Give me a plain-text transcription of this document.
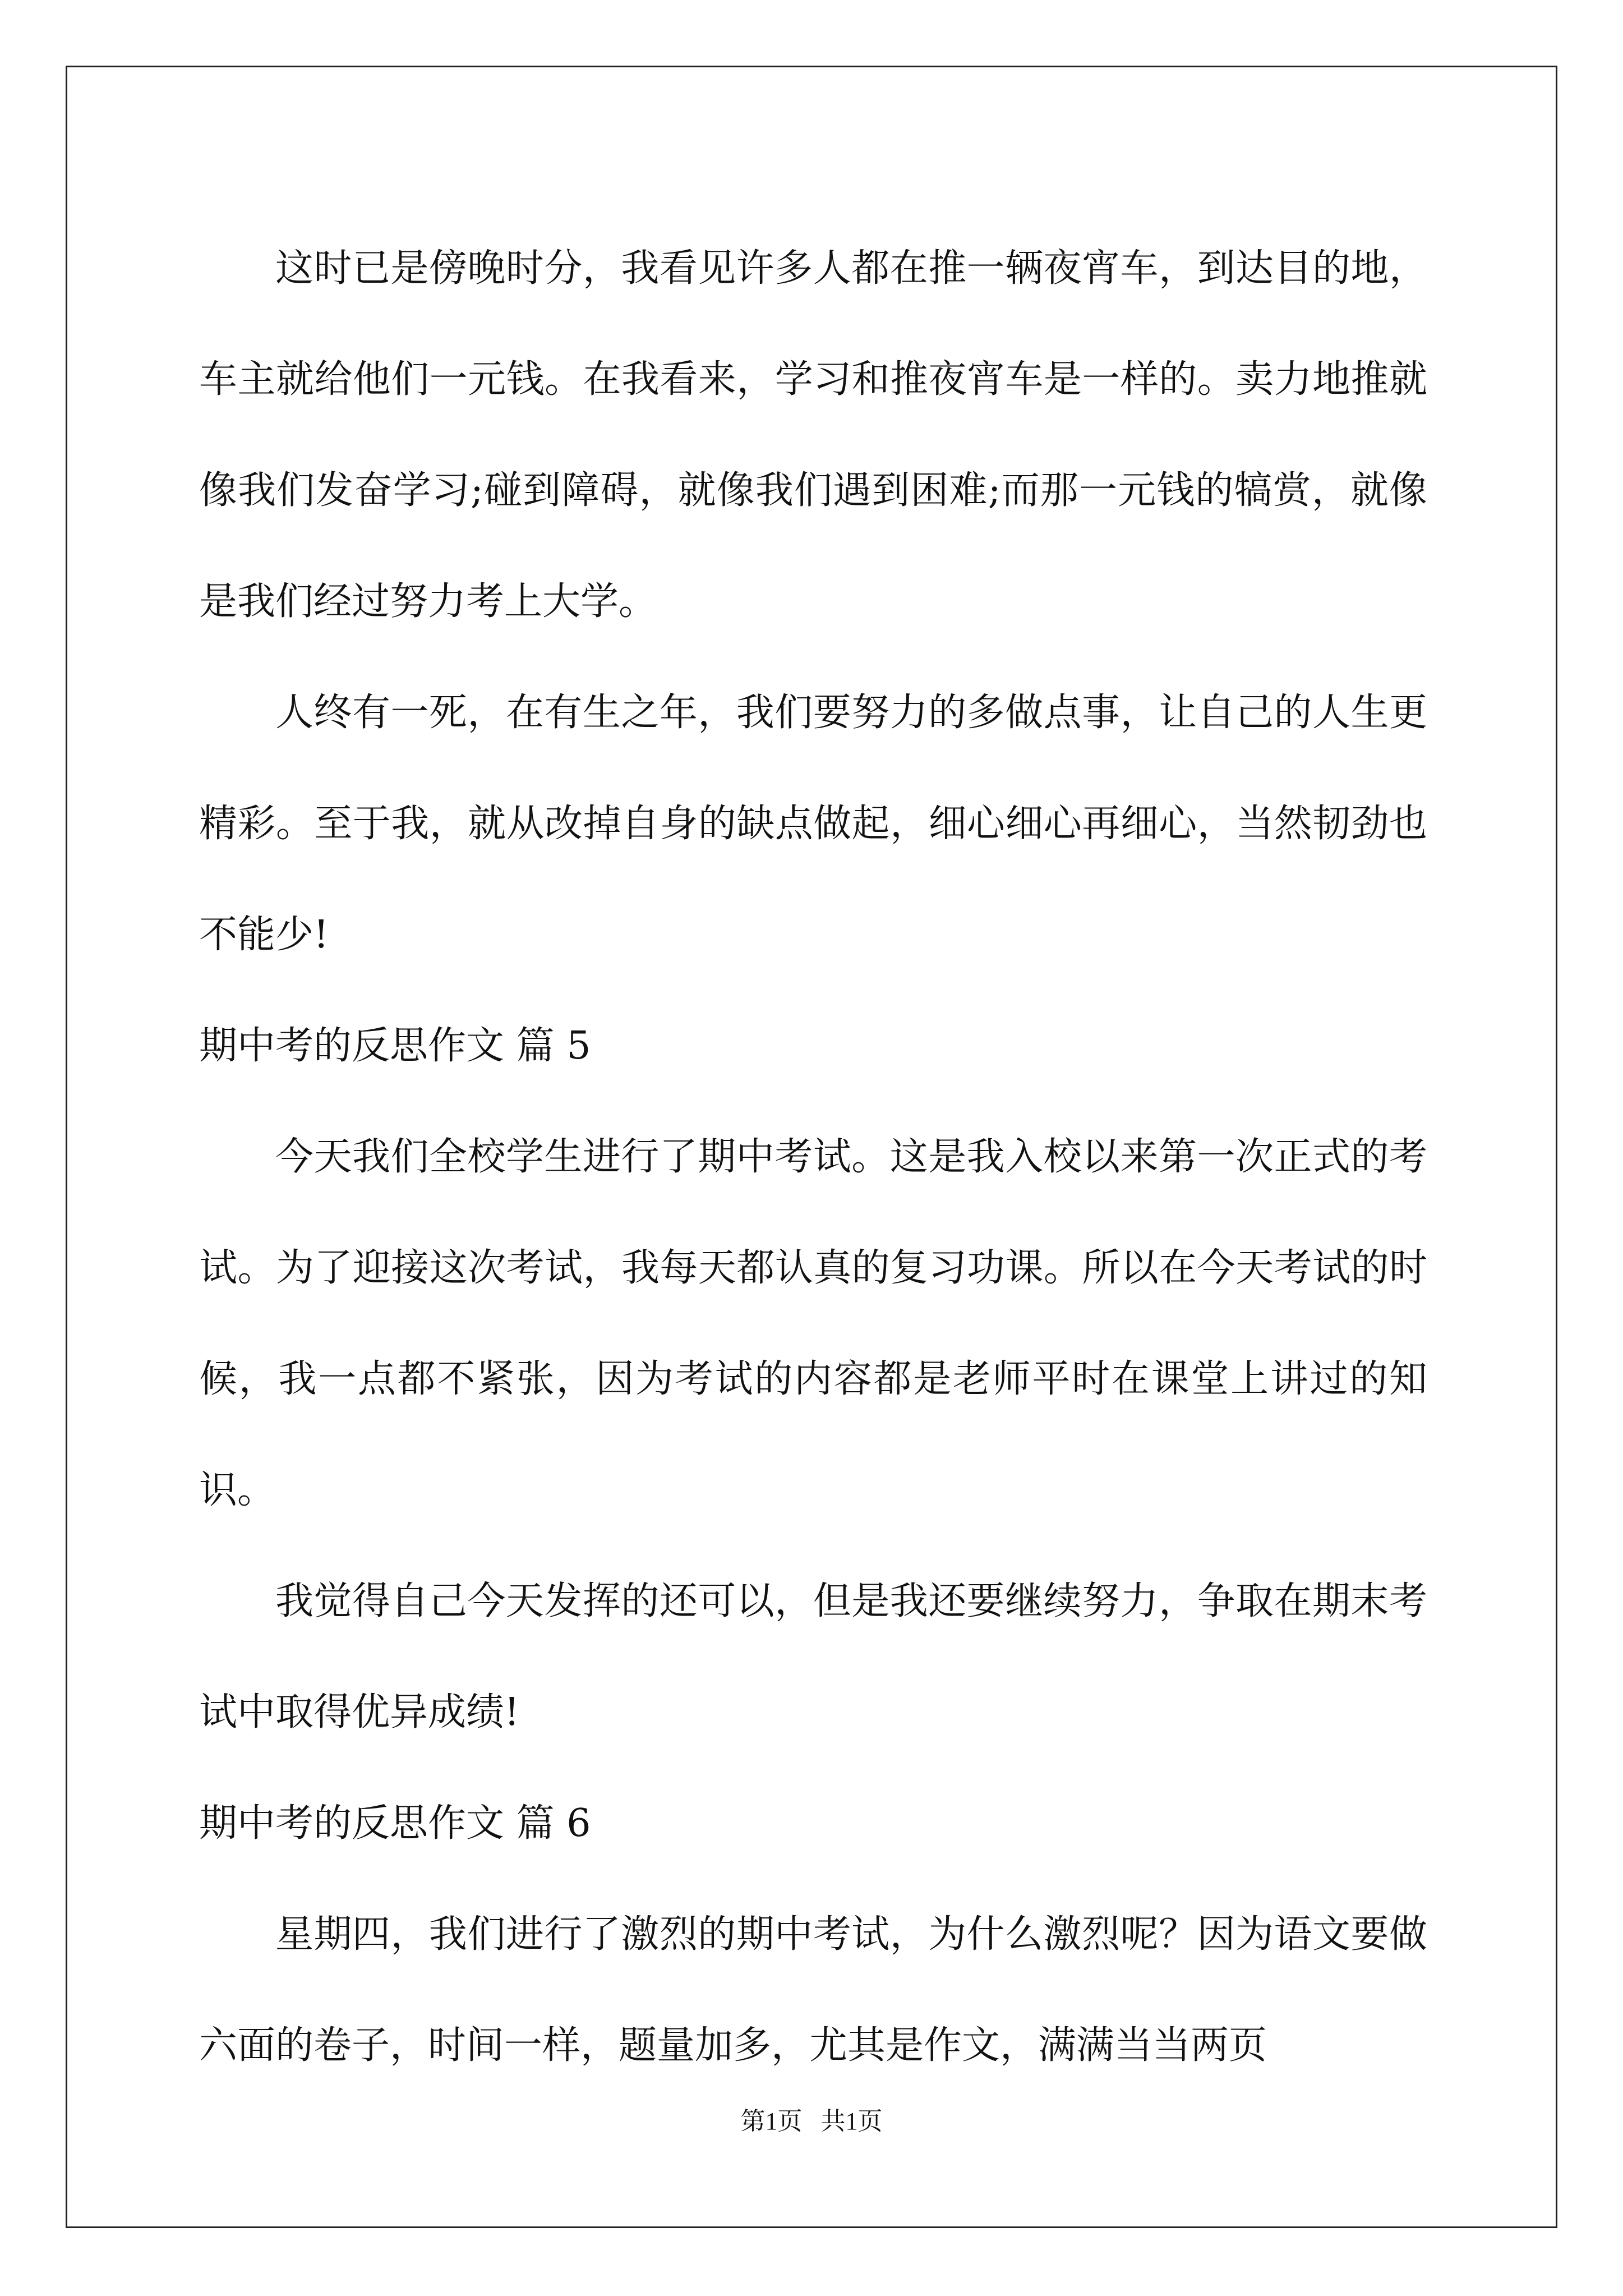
这时已是傍晚时分，我看见许多人都在推一辆夜宵车，到达目的地，车主就给他们一元钱。在我看来，学习和推夜宵车是一样的。卖力地推就像我们发奋学习;碰到障碍，就像我们遇到困难;而那一元钱的犒赏，就像是我们经过努力考上大学。

人终有一死，在有生之年，我们要努力的多做点事，让自己的人生更精彩。至于我，就从改掉自身的缺点做起，细心细心再细心，当然韧劲也不能少!

期中考的反思作文 篇 5

今天我们全校学生进行了期中考试。这是我入校以来第一次正式的考试。为了迎接这次考试，我每天都认真的复习功课。所以在今天考试的时候，我一点都不紧张，因为考试的内容都是老师平时在课堂上讲过的知识。

我觉得自己今天发挥的还可以，但是我还要继续努力，争取在期末考试中取得优异成绩!

期中考的反思作文 篇 6

星期四，我们进行了激烈的期中考试，为什么激烈呢？因为语文要做六面的卷子，时间一样，题量加多，尤其是作文，满满当当两页

第1页   共1页
